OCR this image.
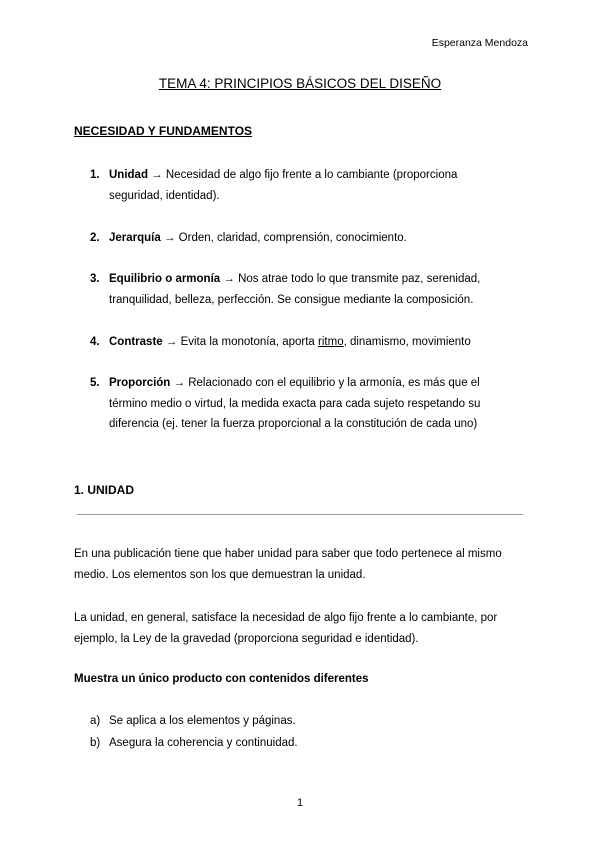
Esperanza Mendoza
TEMA 4: PRINCIPIOS BÁSICOS DEL DISEÑO
NECESIDAD Y FUNDAMENTOS
1. Unidad → Necesidad de algo fijo frente a lo cambiante (proporciona seguridad, identidad).
2. Jerarquía → Orden, claridad, comprensión, conocimiento.
3. Equilibrio o armonía → Nos atrae todo lo que transmite paz, serenidad, tranquilidad, belleza, perfección. Se consigue mediante la composición.
4. Contraste → Evita la monotonía, aporta ritmo, dinamismo, movimiento
5. Proporción → Relacionado con el equilibrio y la armonía, es más que el término medio o virtud, la medida exacta para cada sujeto respetando su diferencia (ej. tener la fuerza proporcional a la constitución de cada uno)
1. UNIDAD

En una publicación tiene que haber unidad para saber que todo pertenece al mismo medio. Los elementos son los que demuestran la unidad.

La unidad, en general, satisface la necesidad de algo fijo frente a lo cambiante, por ejemplo, la Ley de la gravedad (proporciona seguridad e identidad).

Muestra un único producto con contenidos diferentes
a) Se aplica a los elementos y páginas.
b) Asegura la coherencia y continuidad.
1
